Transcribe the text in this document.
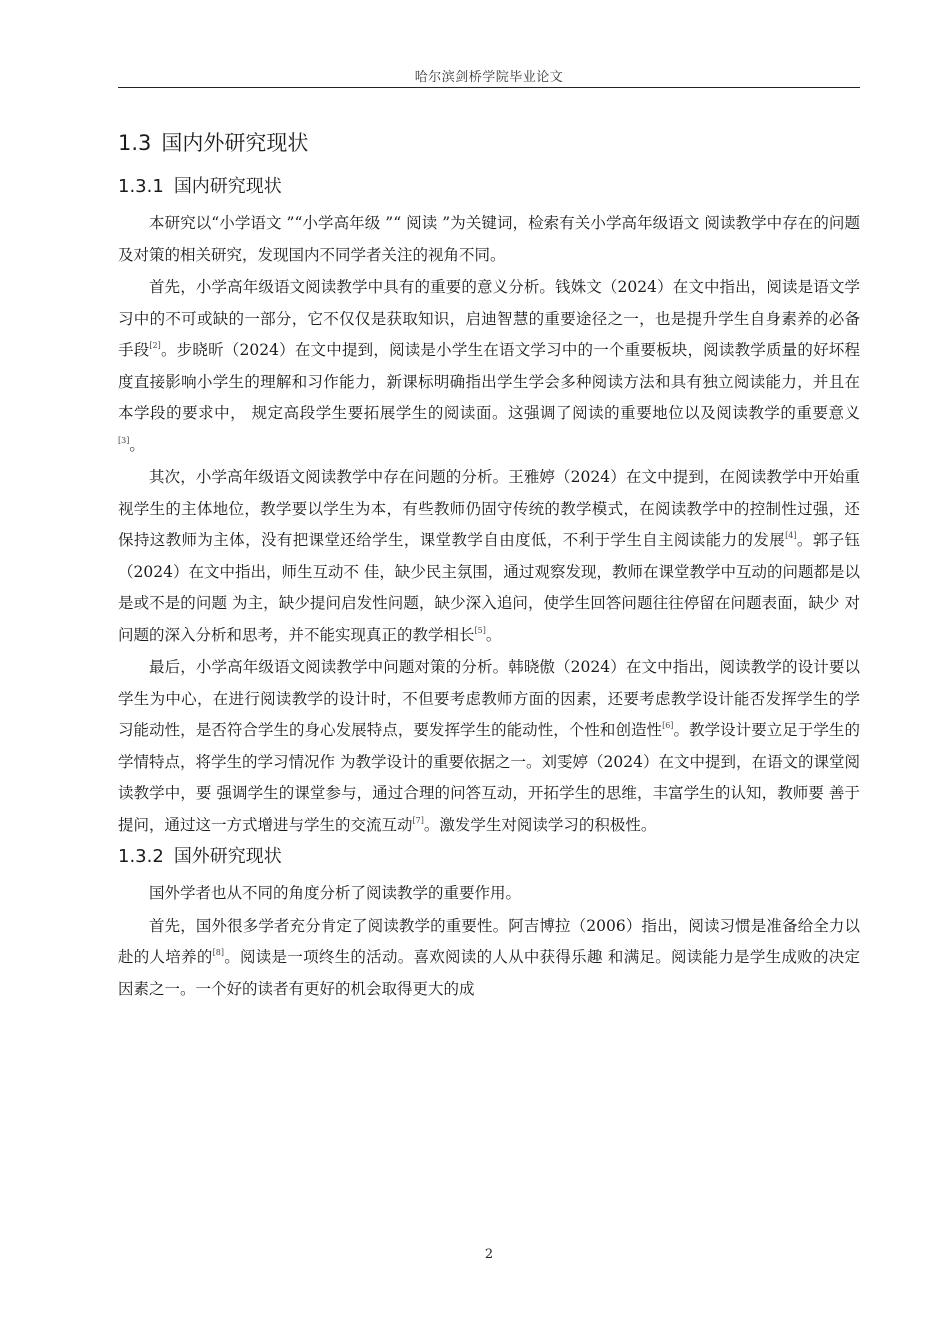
哈尔滨剑桥学院毕业论文
1.3 国内外研究现状
1.3.1 国内研究现状

本研究以“小学语文 ”“小学高年级 ”“ 阅读 ”为关键词，检索有关小学高年级语文 阅读教学中存在的问题及对策的相关研究，发现国内不同学者关注的视角不同。

首先，小学高年级语文阅读教学中具有的重要的意义分析。钱姝文（2024）在文中指出，阅读是语文学习中的不可或缺的一部分，它不仅仅是获取知识，启迪智慧的重要途径之一，也是提升学生自身素养的必备手段[2]。步晓昕（2024）在文中提到，阅读是小学生在语文学习中的一个重要板块，阅读教学质量的好坏程度直接影响小学生的理解和习作能力，新课标明确指出学生学会多种阅读方法和具有独立阅读能力，并且在本学段的要求中， 规定高段学生要拓展学生的阅读面。这强调了阅读的重要地位以及阅读教学的重要意义[3]。

其次，小学高年级语文阅读教学中存在问题的分析。王雅婷（2024）在文中提到，在阅读教学中开始重视学生的主体地位，教学要以学生为本，有些教师仍固守传统的教学模式，在阅读教学中的控制性过强，还保持这教师为主体，没有把课堂还给学生，课堂教学自由度低，不利于学生自主阅读能力的发展[4]。郭子钰（2024）在文中指出，师生互动不 佳，缺少民主氛围，通过观察发现，教师在课堂教学中互动的问题都是以是或不是的问题 为主，缺少提问启发性问题，缺少深入追问，使学生回答问题往往停留在问题表面，缺少 对问题的深入分析和思考，并不能实现真正的教学相长[5]。

最后，小学高年级语文阅读教学中问题对策的分析。韩晓傲（2024）在文中指出，阅读教学的设计要以学生为中心，在进行阅读教学的设计时，不但要考虑教师方面的因素，还要考虑教学设计能否发挥学生的学习能动性，是否符合学生的身心发展特点，要发挥学生的能动性，个性和创造性[6]。教学设计要立足于学生的学情特点，将学生的学习情况作 为教学设计的重要依据之一。刘雯婷（2024）在文中提到，在语文的课堂阅读教学中，要 强调学生的课堂参与，通过合理的问答互动，开拓学生的思维，丰富学生的认知，教师要 善于提问，通过这一方式增进与学生的交流互动[7]。激发学生对阅读学习的积极性。

1.3.2 国外研究现状

国外学者也从不同的角度分析了阅读教学的重要作用。

首先，国外很多学者充分肯定了阅读教学的重要性。阿吉博拉（2006）指出，阅读习惯是准备给全力以赴的人培养的[8]。阅读是一项终生的活动。喜欢阅读的人从中获得乐趣 和满足。阅读能力是学生成败的决定因素之一。一个好的读者有更好的机会取得更大的成

2
